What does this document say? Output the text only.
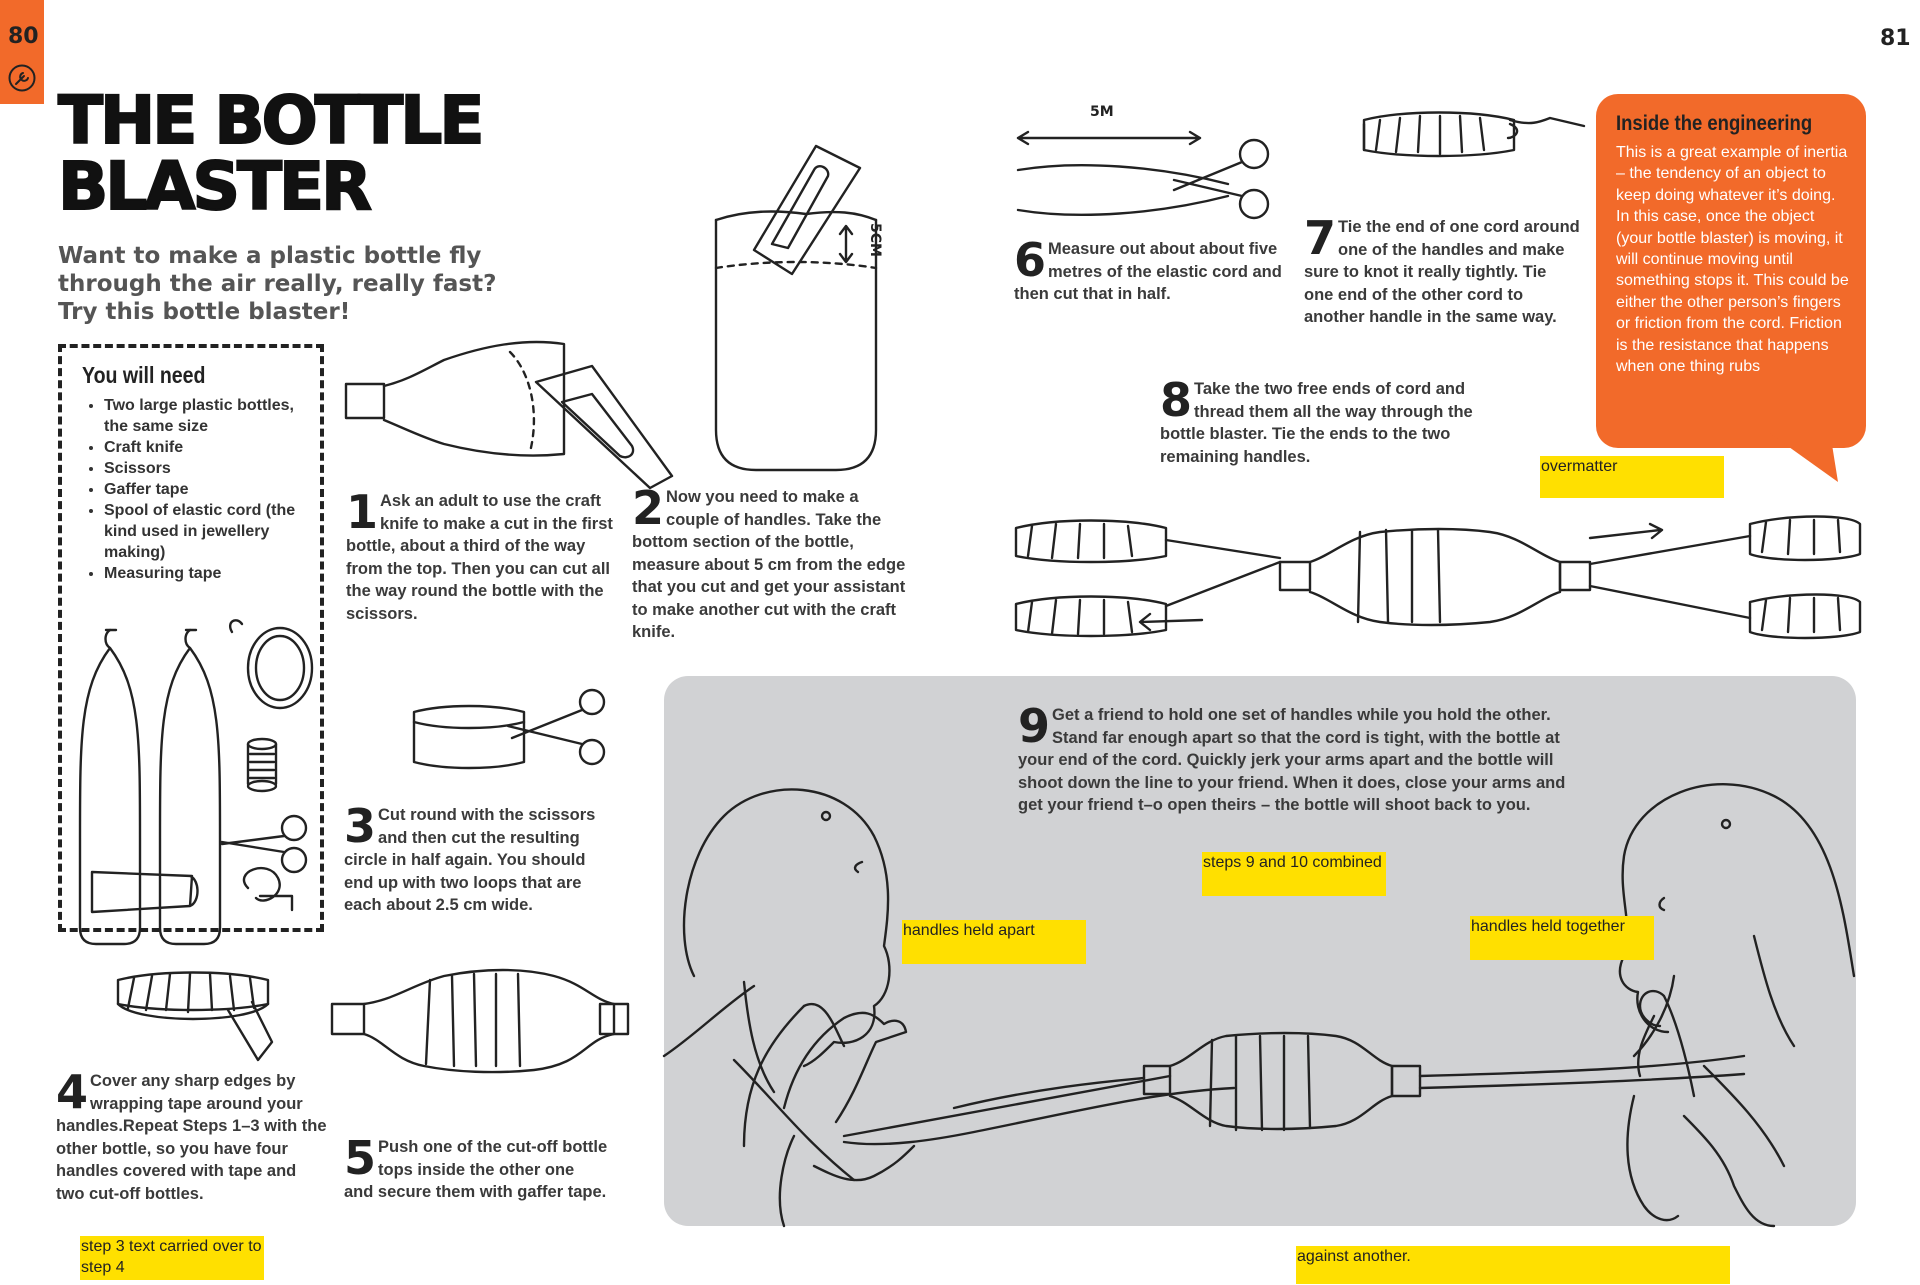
80	81
THE BOTTLE
BLASTER
Want to make a plastic bottle fly through the air really, really fast? Try this bottle blaster!
You will need
• Two large plastic bottles, the same size
• Craft knife
• Scissors
• Gaffer tape
• Spool of elastic cord (the kind used in jewellery making)
• Measuring tape
5CM
1 Ask an adult to use the craft knife to make a cut in the first bottle, about a third of the way from the top. Then you can cut all the way round the bottle with the scissors.
2 Now you need to make a couple of handles. Take the bottom section of the bottle, measure about 5 cm from the edge that you cut and get your assistant to make another cut with the craft knife.
3 Cut round with the scissors and then cut the resulting circle in half again. You should end up with two loops that are each about 2.5 cm wide.
4 Cover any sharp edges by wrapping tape around your handles.Repeat Steps 1–3 with the other bottle, so you have four handles covered with tape and two cut-off bottles.
5 Push one of the cut-off bottle tops inside the other one and secure them with gaffer tape.
6 Measure out about about five metres of the elastic cord and then cut that in half.
7 Tie the end of one cord around one of the handles and make sure to knot it really tightly. Tie one end of the other cord to another handle in the same way.
8 Take the two free ends of cord and thread them all the way through the bottle blaster. Tie the ends to the two remaining handles.
5M	Inside the engineering

This is a great example of inertia – the tendency of an object to keep doing whatever it’s doing. In this case, once the object (your bottle blaster) is moving, it will continue moving until something stops it. This could be either the other person’s fingers or friction from the cord. Friction is the resistance that happens when one thing rubs

9 Get a friend to hold one set of handles while you hold the other. Stand far enough apart so that the cord is tight, with the bottle at your end of the cord. Quickly jerk your arms apart and the bottle will shoot down the line to your friend. When it does, close your arms and get your friend t–o open theirs – the bottle will shoot back to you.
overmatter
steps 9 and 10 combined
handles held apart	handles held together
step 3 text carried over to step 4
against another.
